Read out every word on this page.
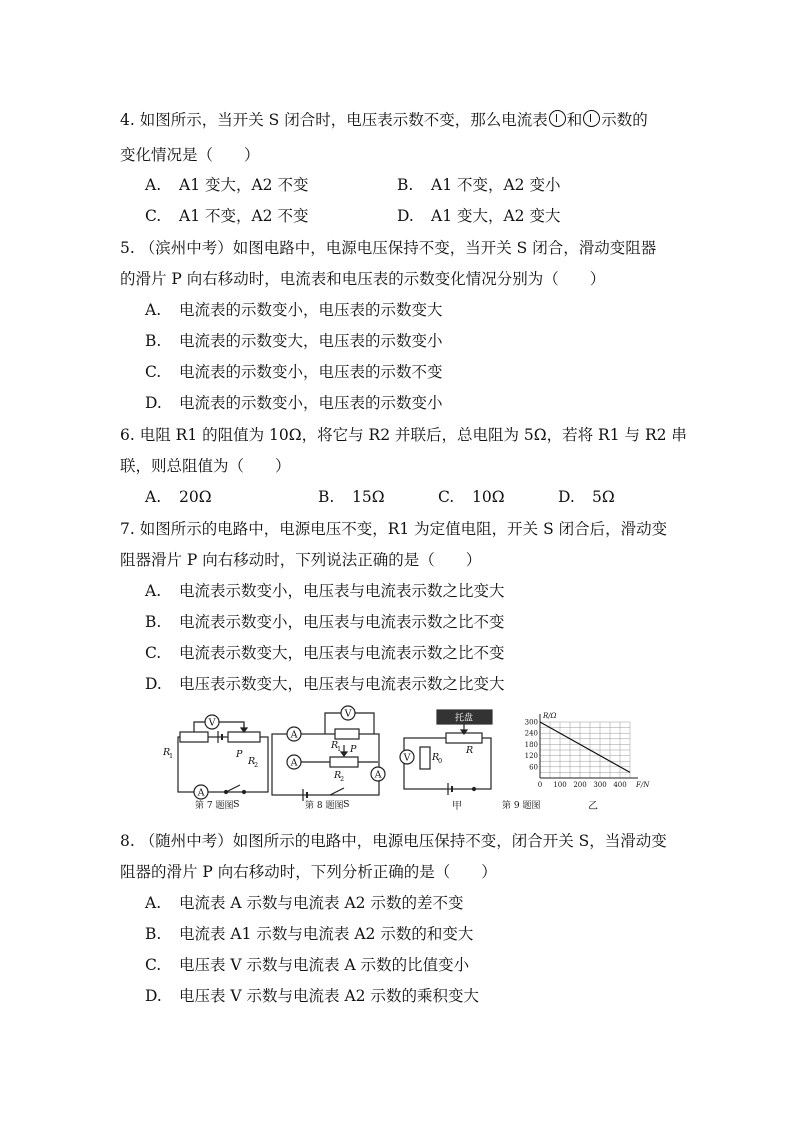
4. 如图所示，当开关 S 闭合时，电压表示数不变，那么电流表 和 示数的
变化情况是（　　）
A. A1 变大，A2 不变	B. A1 不变，A2 变小
C. A1 不变，A2 不变	D. A1 变大，A2 变大
5. （滨州中考）如图电路中，电源电压保持不变，当开关 S 闭合，滑动变阻器
的滑片 P 向右移动时，电流表和电压表的示数变化情况分别为（　　）
A. 电流表的示数变小，电压表的示数变大
B. 电流表的示数变大，电压表的示数变小
C. 电流表的示数变小，电压表的示数不变
D. 电流表的示数变小，电压表的示数变小
6. 电阻 R1 的阻值为 10Ω，将它与 R2 并联后，总电阻为 5Ω，若将 R1 与 R2 串
联，则总阻值为（　　）
A. 20Ω	B. 15Ω	C. 10Ω	D. 5Ω
7. 如图所示的电路中，电源电压不变，R1 为定值电阻，开关 S 闭合后，滑动变
阻器滑片 P 向右移动时，下列说法正确的是（　　）
A. 电流表示数变小，电压表与电流表示数之比变大
B. 电流表示数变小，电压表与电流表示数之比不变
C. 电流表示数变大，电压表与电流表示数之比不变
D. 电压表示数变大，电压表与电流表示数之比变大
0 100 200 300 400
60
120
180
240
300
R/Ω
F/N
V
A
R
1	R
2
P
S
第 7 题图
V
A
A
A
R
1 P
R
2
S
第 8 题图
托盘
R
V R
0
甲	第 9 题图	乙
8. （随州中考）如图所示的电路中，电源电压保持不变，闭合开关 S，当滑动变
阻器的滑片 P 向右移动时，下列分析正确的是（　　）
A. 电流表 A 示数与电流表 A2 示数的差不变
B. 电流表 A1 示数与电流表 A2 示数的和变大
C. 电压表 V 示数与电流表 A 示数的比值变小
D. 电压表 V 示数与电流表 A2 示数的乘积变大
